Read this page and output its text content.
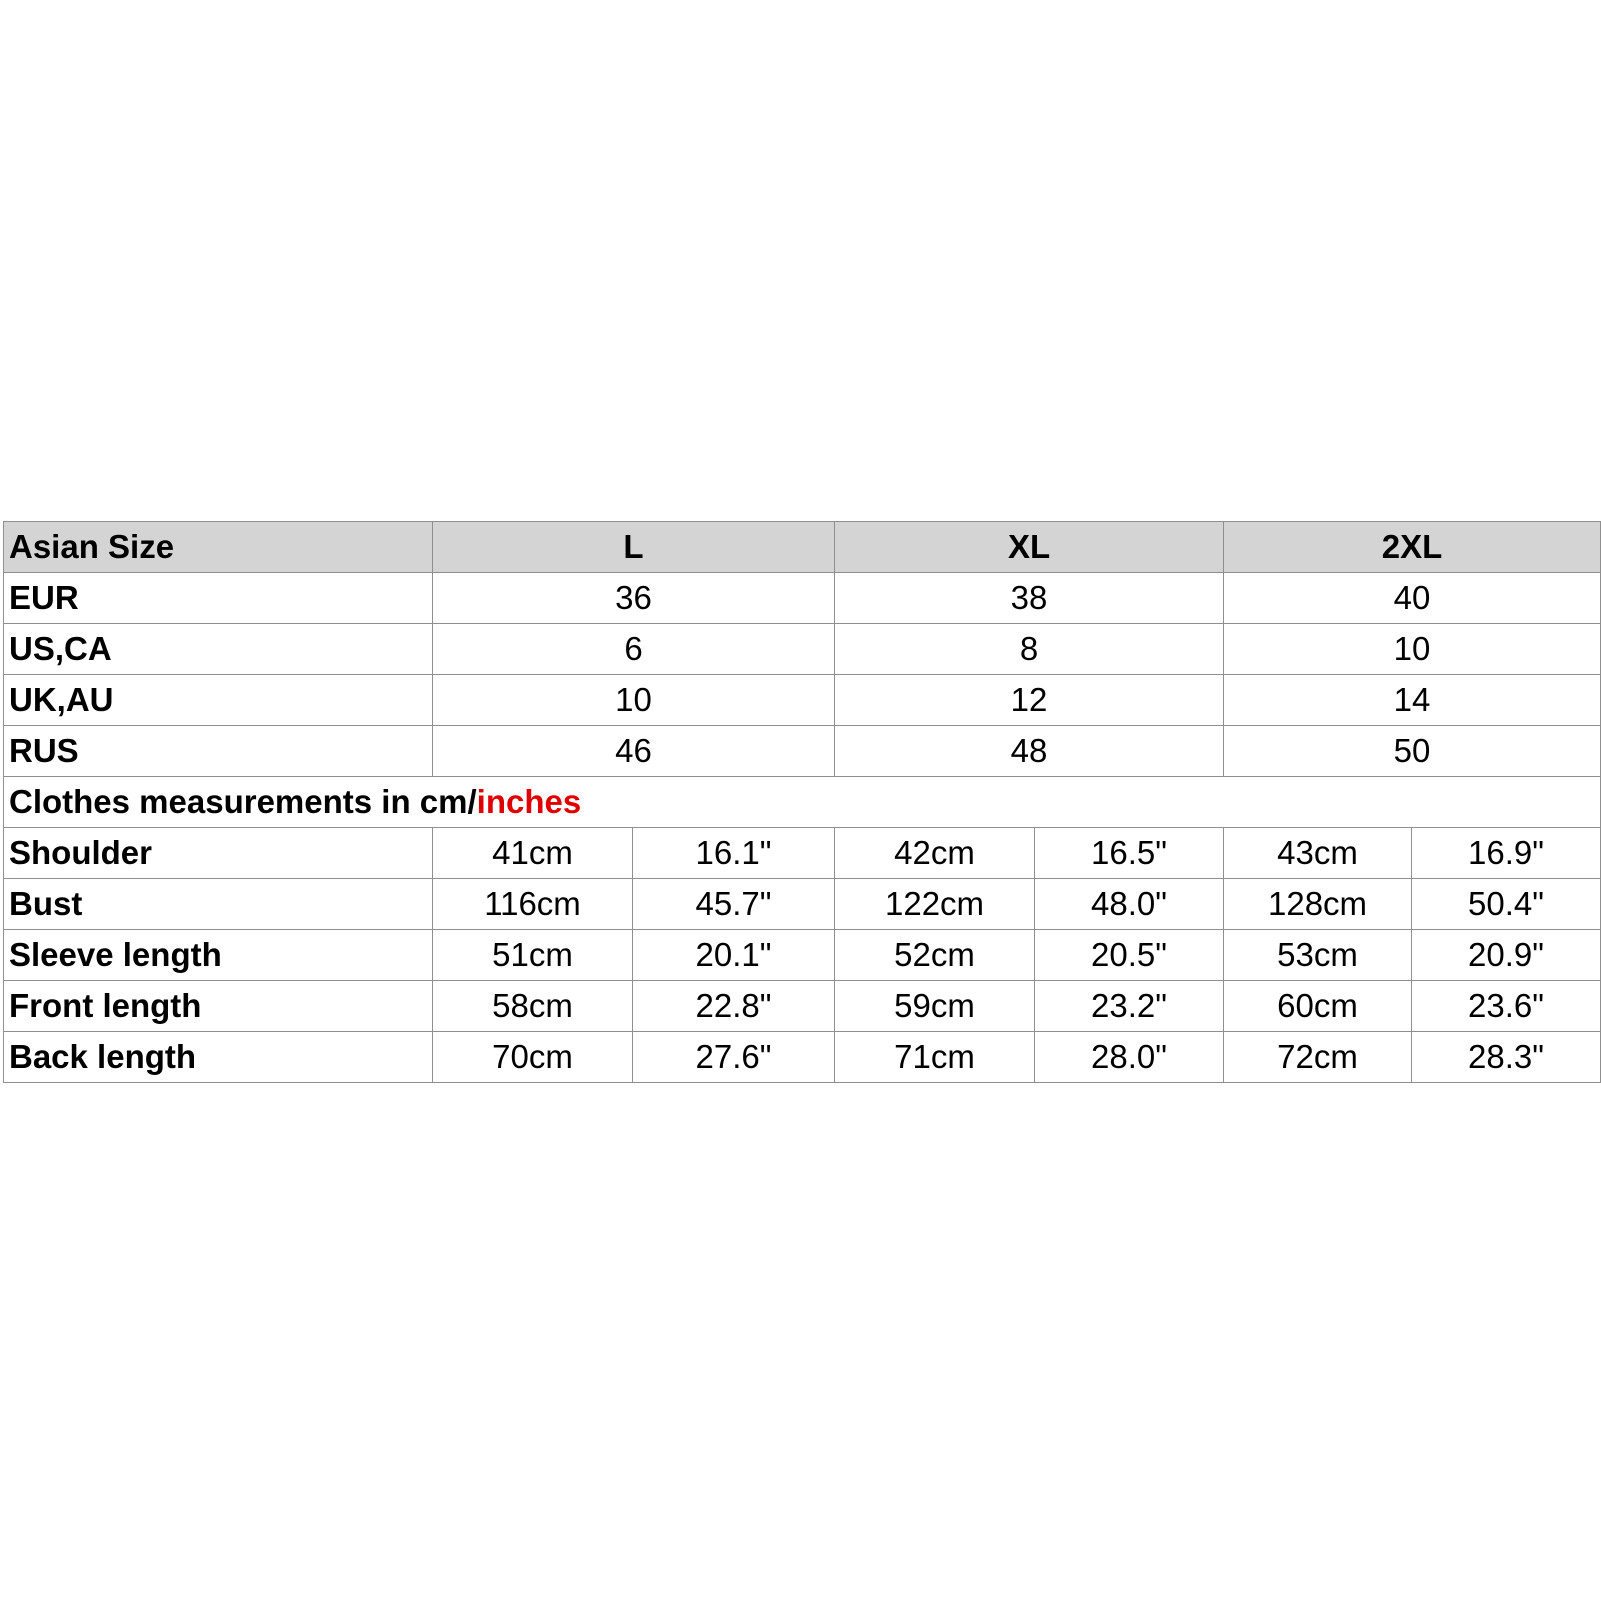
Asian Size	L		XL		2XL	
EUR	36		38		40	
US,CA	6		8		10	
UK,AU	10		12		14	
RUS	46		48		50	
Clothes measurements in cm/inches						
Shoulder	41cm	16.1"	42cm	16.5"	43cm	16.9"
Bust	116cm	45.7"	122cm	48.0"	128cm	50.4"
Sleeve length	51cm	20.1"	52cm	20.5"	53cm	20.9"
Front length	58cm	22.8"	59cm	23.2"	60cm	23.6"
Back length	70cm	27.6"	71cm	28.0"	72cm	28.3"
